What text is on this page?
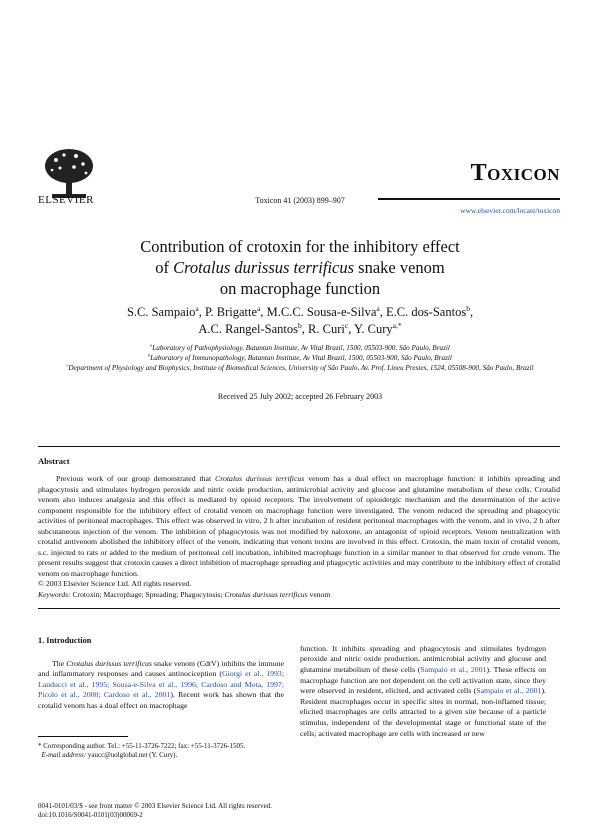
ELSEVIER	Toxicon 41 (2003) 899–907
Toxicon
www.elsevier.com/locate/toxicon
Contribution of crotoxin for the inhibitory effect
of Crotalus durissus terrificus snake venom
on macrophage function
S.C. Sampaio$^a$, P. Brigatte$^a$, M.C.C. Sousa-e-Silva$^a$, E.C. dos-Santos$^b$,
A.C. Rangel-Santos$^b$, R. Curi$^c$, Y. Cury$^{a,*}$
$^a$Laboratory of Pathophysiology, Butantan Institute, Av Vital Brazil, 1500, 05503-900, São Paulo, Brazil
$^b$Laboratory of Immunopathology, Butantan Institute, Av Vital Brazil, 1500, 05503-900, São Paulo, Brazil
$^c$Department of Physiology and Biophysics, Institute of Biomedical Sciences, University of São Paulo, Av. Prof. Lineu Prestes, 1524, 05508-900, São Paulo, Brazil
Received 25 July 2002; accepted 26 February 2003
Abstract

Previous work of our group demonstrated that Crotalus durissus terrificus venom has a dual effect on macrophage function: it inhibits spreading and phagocytosis and stimulates hydrogen peroxide and nitric oxide production, antimicrobial activity and glucose and glutamine metabolism of these cells. Crotalid venom also induces analgesia and this effect is mediated by opioid receptors. The involvement of opioidergic mechanism and the determination of the active component responsible for the inhibitory effect of crotalid venom on macrophage function were investigated. The venom reduced the spreading and phagocytic activities of peritoneal macrophages. This effect was observed in vitro, 2 h after incubation of resident peritoneal macrophages with the venom, and in vivo, 2 h after subcutaneous injection of the venom. The inhibition of phagocytosis was not modified by naloxone, an antagonist of opioid receptors. Venom neutralization with crotalid antivenom abolished the inhibitory effect of the venom, indicating that venom toxins are involved in this effect. Crotoxin, the main toxin of crotalid venom, s.c. injected to rats or added to the medium of peritoneal cell incubation, inhibited macrophage function in a similar manner to that observed for crude venom. The present results suggest that crotoxin causes a direct inhibition of macrophage spreading and phagocytic activities and may contribute to the inhibitory effect of crotalid venom on macrophage function.
© 2003 Elsevier Science Ltd. All rights reserved.

Keywords: Crotoxin; Macrophage; Spreading; Phagocytosis; Crotalus durissus terrificus venom
1. Introduction

The Crotalus durissus terrificus snake venom (CdtV) inhibits the immune and inflammatory responses and causes antinociception (Giorgi et al., 1993; Landucci et al., 1995; Sousa-e-Silva et al., 1996; Cardoso and Mota, 1997; Picolo et al., 2000; Cardoso et al., 2001). Recent work has shown that the crotalid venom has a dual effect on macrophage

function. It inhibits spreading and phagocytosis and stimulates hydrogen peroxide and nitric oxide production, antimicrobial activity and glucose and glutamine metabolism of these cells (Sampaio et al., 2001). These effects on macrophage function are not dependent on the cell activation state, since they were observed in resident, elicited, and activated cells (Sampaio et al., 2001). Resident macrophages occur in specific sites in normal, non-inflamed tissue; elicited macrophages are cells attracted to a given site because of a particle stimulus, independent of the developmental stage or functional state of the cells; activated macrophage are cells with increased or new

* Corresponding author. Tel.: +55-11-3726-7222; fax: +55-11-3726-1505.

E-mail address: yaucc@uolglobal.net (Y. Cury).

0041-0101/03/$ - see front matter © 2003 Elsevier Science Ltd. All rights reserved.
doi:10.1016/S0041-0101(03)00069-2
